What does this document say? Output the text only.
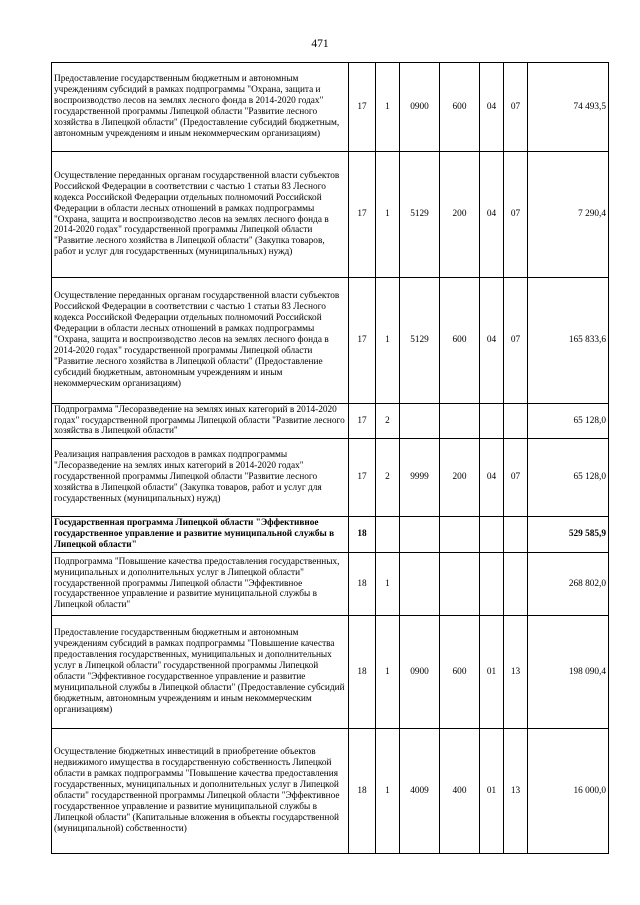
471
Предоставление государственным бюджетным и автономным учреждениям субсидий в рамках подпрограммы "Охрана, защита и воспроизводство лесов на землях лесного фонда в 2014-2020 годах" государственной программы Липецкой области "Развитие лесного хозяйства в Липецкой области" (Предоставление субсидий бюджетным, автономным учреждениям и иным некоммерческим организациям)	17	1	0900	600	04	07	74 493,5
Осуществление переданных органам государственной власти субъектов Российской Федерации в соответствии с частью 1 статьи 83 Лесного кодекса Российской Федерации отдельных полномочий Российской Федерации в области лесных отношений в рамках подпрограммы "Охрана, защита и воспроизводство лесов на землях лесного фонда в 2014-2020 годах" государственной программы Липецкой области "Развитие лесного хозяйства в Липецкой области" (Закупка товаров, работ и услуг для государственных (муниципальных) нужд)	17	1	5129	200	04	07	7 290,4
Осуществление переданных органам государственной власти субъектов Российской Федерации в соответствии с частью 1 статьи 83 Лесного кодекса Российской Федерации отдельных полномочий Российской Федерации в области лесных отношений в рамках подпрограммы "Охрана, защита и воспроизводство лесов на землях лесного фонда в 2014-2020 годах" государственной программы Липецкой области "Развитие лесного хозяйства в Липецкой области" (Предоставление субсидий бюджетным, автономным учреждениям и иным некоммерческим организациям)	17	1	5129	600	04	07	165 833,6
Подпрограмма "Лесоразведение на землях иных категорий в 2014-2020 годах" государственной программы Липецкой области "Развитие лесного хозяйства в Липецкой области"	17	2					65 128,0
Реализация направления расходов в рамках подпрограммы "Лесоразведение на землях иных категорий в 2014-2020 годах" государственной программы Липецкой области "Развитие лесного хозяйства в Липецкой области" (Закупка товаров, работ и услуг для государственных (муниципальных) нужд)	17	2	9999	200	04	07	65 128,0
Государственная программа Липецкой области "Эффективное государственное управление и развитие муниципальной службы в Липецкой области"	18						529 585,9
Подпрограмма "Повышение качества предоставления государственных, муниципальных и дополнительных услуг в Липецкой области" государственной программы Липецкой области "Эффективное государственное управление и развитие муниципальной службы в Липецкой области"	18	1					268 802,0
Предоставление государственным бюджетным и автономным учреждениям субсидий в рамках подпрограммы "Повышение качества предоставления государственных, муниципальных и дополнительных услуг в Липецкой области" государственной программы Липецкой области "Эффективное государственное управление и развитие муниципальной службы в Липецкой области" (Предоставление субсидий бюджетным, автономным учреждениям и иным некоммерческим организациям)	18	1	0900	600	01	13	198 090,4
Осуществление бюджетных инвестиций в приобретение объектов недвижимого имущества в государственную собственность Липецкой области в рамках подпрограммы "Повышение качества предоставления государственных, муниципальных и дополнительных услуг в Липецкой области" государственной программы Липецкой области "Эффективное государственное управление и развитие муниципальной службы в Липецкой области" (Капитальные вложения в объекты государственной (муниципальной) собственности)	18	1	4009	400	01	13	16 000,0
